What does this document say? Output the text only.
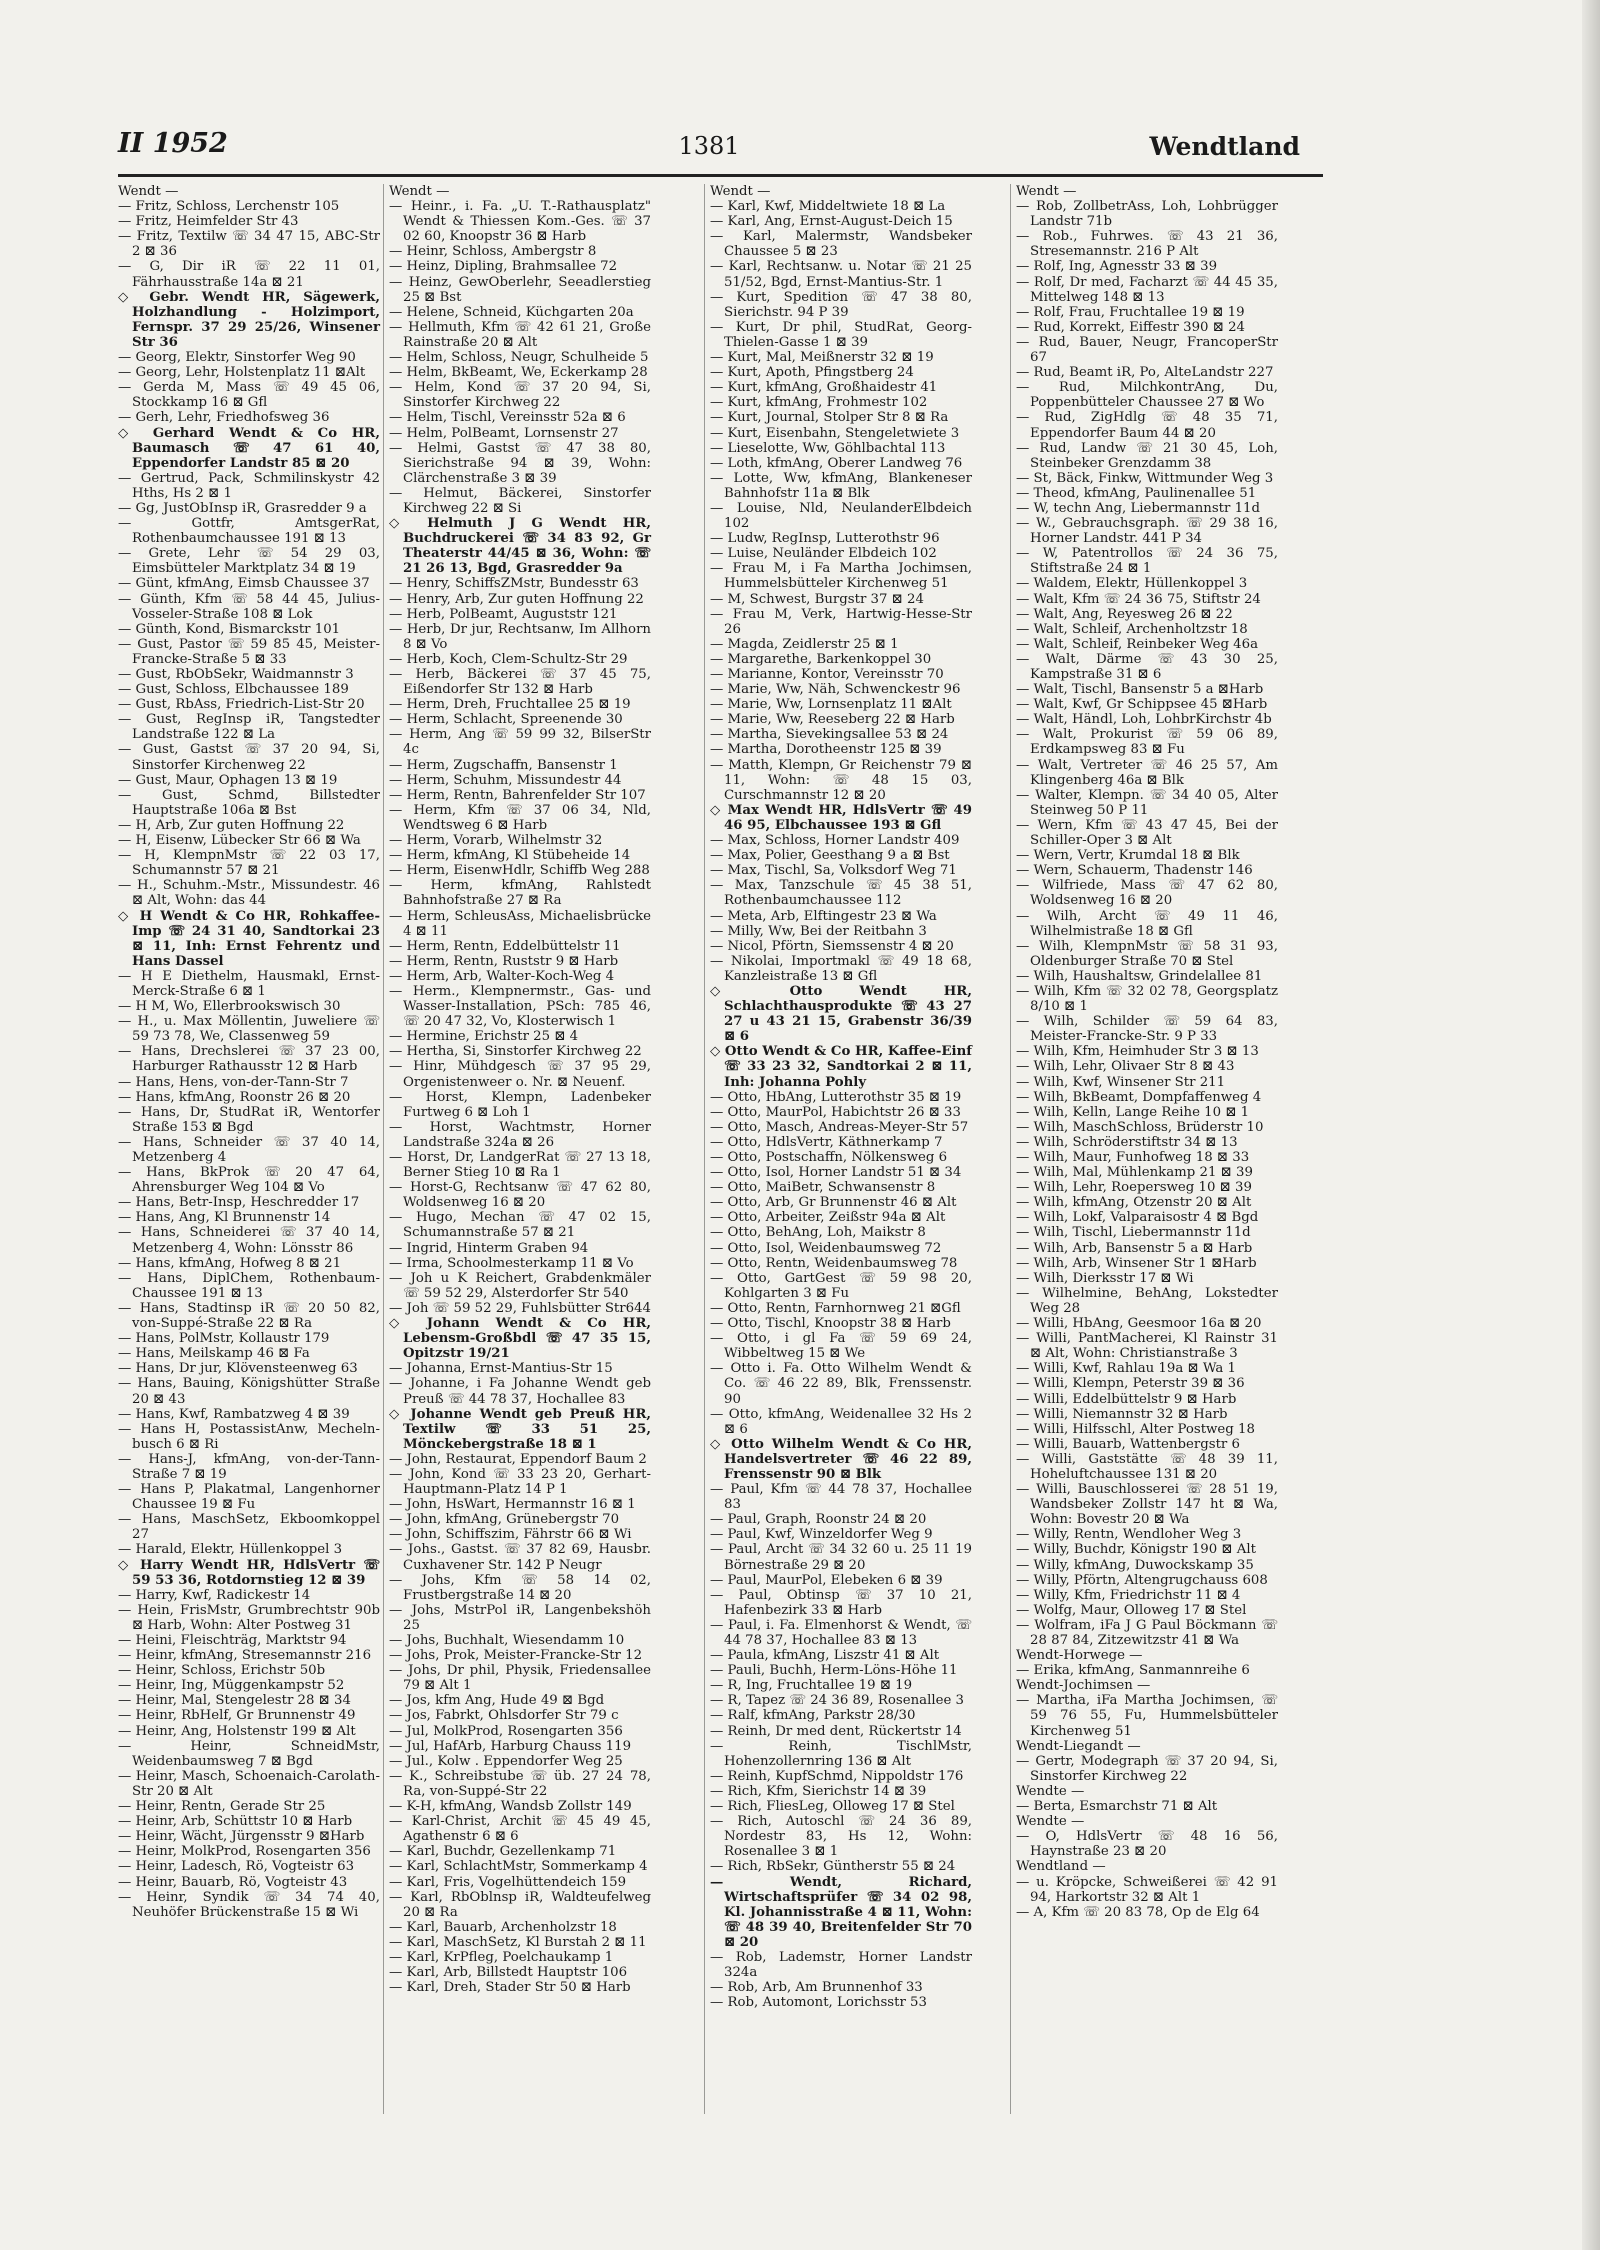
II 1952	1381	Wendtland

Wendt —

— Fritz, Schloss, Lerchenstr 105

— Fritz, Heimfelder Str 43

— Fritz, Textilw ☏ 34 47 15, ABC-Str 2 ⊠ 36

— G, Dir iR ☏ 22 11 01, Fährhausstraße 14a ⊠ 21

◇ Gebr. Wendt HR, Sägewerk, Holzhandlung - Holzimport, Fernspr. 37 29 25/26, Winsener Str 36

— Georg, Elektr, Sinstorfer Weg 90

— Georg, Lehr, Holstenplatz 11 ⊠Alt

— Gerda M, Mass ☏ 49 45 06, Stockkamp 16 ⊠ Gfl

— Gerh, Lehr, Friedhofsweg 36

◇ Gerhard Wendt & Co HR, Baumasch ☏ 47 61 40, Eppendorfer Landstr 85 ⊠ 20

— Gertrud, Pack, Schmilinskystr 42 Hths, Hs 2 ⊠ 1

— Gg, JustObInsp iR, Grasredder 9 a

— Gottfr, AmtsgerRat, Rothenbaumchaussee 191 ⊠ 13

— Grete, Lehr ☏ 54 29 03, Eimsbütteler Marktplatz 34 ⊠ 19

— Günt, kfmAng, Eimsb Chaussee 37

— Günth, Kfm ☏ 58 44 45, Julius-Vosseler-Straße 108 ⊠ Lok

— Günth, Kond, Bismarckstr 101

— Gust, Pastor ☏ 59 85 45, Meister-Francke-Straße 5 ⊠ 33

— Gust, RbObSekr, Waidmannstr 3

— Gust, Schloss, Elbchaussee 189

— Gust, RbAss, Friedrich-List-Str 20

— Gust, RegInsp iR, Tangstedter Landstraße 122 ⊠ La

— Gust, Gastst ☏ 37 20 94, Si, Sinstorfer Kirchenweg 22

— Gust, Maur, Ophagen 13 ⊠ 19

— Gust, Schmd, Billstedter Hauptstraße 106a ⊠ Bst

— H, Arb, Zur guten Hoffnung 22

— H, Eisenw, Lübecker Str 66 ⊠ Wa

— H, KlempnMstr ☏ 22 03 17, Schumannstr 57 ⊠ 21

— H., Schuhm.-Mstr., Missundestr. 46 ⊠ Alt, Wohn: das 44

◇ H Wendt & Co HR, Rohkaffee-Imp ☏ 24 31 40, Sandtorkai 23 ⊠ 11, Inh: Ernst Fehrentz und Hans Dassel

— H E Diethelm, Hausmakl, Ernst-Merck-Straße 6 ⊠ 1

— H M, Wo, Ellerbrookswisch 30

— H., u. Max Möllentin, Juweliere ☏ 59 73 78, We, Classenweg 59

— Hans, Drechslerei ☏ 37 23 00, Harburger Rathausstr 12 ⊠ Harb

— Hans, Hens, von-der-Tann-Str 7

— Hans, kfmAng, Roonstr 26 ⊠ 20

— Hans, Dr, StudRat iR, Wentorfer Straße 153 ⊠ Bgd

— Hans, Schneider ☏ 37 40 14, Metzenberg 4

— Hans, BkProk ☏ 20 47 64, Ahrensburger Weg 104 ⊠ Vo

— Hans, Betr-Insp, Heschredder 17

— Hans, Ang, Kl Brunnenstr 14

— Hans, Schneiderei ☏ 37 40 14, Metzenberg 4, Wohn: Lönsstr 86

— Hans, kfmAng, Hofweg 8 ⊠ 21

— Hans, DiplChem, Rothenbaum-Chaussee 191 ⊠ 13

— Hans, Stadtinsp iR ☏ 20 50 82, von-Suppé-Straße 22 ⊠ Ra

— Hans, PolMstr, Kollaustr 179

— Hans, Meilskamp 46 ⊠ Fa

— Hans, Dr jur, Klövensteenweg 63

— Hans, Bauing, Königshütter Straße 20 ⊠ 43

— Hans, Kwf, Rambatzweg 4 ⊠ 39

— Hans H, PostassistAnw, Mecheln-busch 6 ⊠ Ri

— Hans-J, kfmAng, von-der-Tann-Straße 7 ⊠ 19

— Hans P, Plakatmal, Langenhorner Chaussee 19 ⊠ Fu

— Hans, MaschSetz, Ekboomkoppel 27

— Harald, Elektr, Hüllenkoppel 3

◇ Harry Wendt HR, HdlsVertr ☏ 59 53 36, Rotdornstieg 12 ⊠ 39

— Harry, Kwf, Radickestr 14

— Hein, FrisMstr, Grumbrechtstr 90b ⊠ Harb, Wohn: Alter Postweg 31

— Heini, Fleischträg, Marktstr 94

— Heinr, kfmAng, Stresemannstr 216

— Heinr, Schloss, Erichstr 50b

— Heinr, Ing, Müggenkampstr 52

— Heinr, Mal, Stengelestr 28 ⊠ 34

— Heinr, RbHelf, Gr Brunnenstr 49

— Heinr, Ang, Holstenstr 199 ⊠ Alt

— Heinr, SchneidMstr, Weidenbaumsweg 7 ⊠ Bgd

— Heinr, Masch, Schoenaich-Carolath-Str 20 ⊠ Alt

— Heinr, Rentn, Gerade Str 25

— Heinr, Arb, Schüttstr 10 ⊠ Harb

— Heinr, Wächt, Jürgensstr 9 ⊠Harb

— Heinr, MolkProd, Rosengarten 356

— Heinr, Ladesch, Rö, Vogteistr 63

— Heinr, Bauarb, Rö, Vogteistr 43

— Heinr, Syndik ☏ 34 74 40, Neuhöfer Brückenstraße 15 ⊠ Wi

Wendt —

— Heinr., i. Fa. „U. T.-Rathausplatz" Wendt & Thiessen Kom.-Ges. ☏ 37 02 60, Knoopstr 36 ⊠ Harb

— Heinr, Schloss, Ambergstr 8

— Heinz, Dipling, Brahmsallee 72

— Heinz, GewOberlehr, Seeadlerstieg 25 ⊠ Bst

— Helene, Schneid, Küchgarten 20a

— Hellmuth, Kfm ☏ 42 61 21, Große Rainstraße 20 ⊠ Alt

— Helm, Schloss, Neugr, Schulheide 5

— Helm, BkBeamt, We, Eckerkamp 28

— Helm, Kond ☏ 37 20 94, Si, Sinstorfer Kirchweg 22

— Helm, Tischl, Vereinsstr 52a ⊠ 6

— Helm, PolBeamt, Lornsenstr 27

— Helmi, Gastst ☏ 47 38 80, Sierichstraße 94 ⊠ 39, Wohn: Clärchenstraße 3 ⊠ 39

— Helmut, Bäckerei, Sinstorfer Kirchweg 22 ⊠ Si

◇ Helmuth J G Wendt HR, Buchdruckerei ☏ 34 83 92, Gr Theaterstr 44/45 ⊠ 36, Wohn: ☏ 21 26 13, Bgd, Grasredder 9a

— Henry, SchiffsZMstr, Bundesstr 63

— Henry, Arb, Zur guten Hoffnung 22

— Herb, PolBeamt, Auguststr 121

— Herb, Dr jur, Rechtsanw, Im Allhorn 8 ⊠ Vo

— Herb, Koch, Clem-Schultz-Str 29

— Herb, Bäckerei ☏ 37 45 75, Eißendorfer Str 132 ⊠ Harb

— Herm, Dreh, Fruchtallee 25 ⊠ 19

— Herm, Schlacht, Spreenende 30

— Herm, Ang ☏ 59 99 32, BilserStr 4c

— Herm, Zugschaffn, Bansenstr 1

— Herm, Schuhm, Missundestr 44

— Herm, Rentn, Bahrenfelder Str 107

— Herm, Kfm ☏ 37 06 34, Nld, Wendtsweg 6 ⊠ Harb

— Herm, Vorarb, Wilhelmstr 32

— Herm, kfmAng, Kl Stübeheide 14

— Herm, EisenwHdlr, Schiffb Weg 288

— Herm, kfmAng, Rahlstedt Bahnhofstraße 27 ⊠ Ra

— Herm, SchleusAss, Michaelisbrücke 4 ⊠ 11

— Herm, Rentn, Eddelbüttelstr 11

— Herm, Rentn, Ruststr 9 ⊠ Harb

— Herm, Arb, Walter-Koch-Weg 4

— Herm., Klempnermstr., Gas- und Wasser-Installation, PSch: 785 46, ☏ 20 47 32, Vo, Klosterwisch 1

— Hermine, Erichstr 25 ⊠ 4

— Hertha, Si, Sinstorfer Kirchweg 22

— Hinr, Mühdgesch ☏ 37 95 29, Orgenistenweer o. Nr. ⊠ Neuenf.

— Horst, Klempn, Ladenbeker Furtweg 6 ⊠ Loh 1

— Horst, Wachtmstr, Horner Landstraße 324a ⊠ 26

— Horst, Dr, LandgerRat ☏ 27 13 18, Berner Stieg 10 ⊠ Ra 1

— Horst-G, Rechtsanw ☏ 47 62 80, Woldsenweg 16 ⊠ 20

— Hugo, Mechan ☏ 47 02 15, Schumannstraße 57 ⊠ 21

— Ingrid, Hinterm Graben 94

— Irma, Schoolmesterkamp 11 ⊠ Vo

— Joh u K Reichert, Grabdenkmäler ☏ 59 52 29, Alsterdorfer Str 540

— Joh ☏ 59 52 29, Fuhlsbütter Str644

◇ Johann Wendt & Co HR, Lebensm-Großbdl ☏ 47 35 15, Opitzstr 19/21

— Johanna, Ernst-Mantius-Str 15

— Johanne, i Fa Johanne Wendt geb Preuß ☏ 44 78 37, Hochallee 83

◇ Johanne Wendt geb Preuß HR, Textilw ☏ 33 51 25, Mönckebergstraße 18 ⊠ 1

— John, Restaurat, Eppendorf Baum 2

— John, Kond ☏ 33 23 20, Gerhart-Hauptmann-Platz 14 P 1

— John, HsWart, Hermannstr 16 ⊠ 1

— John, kfmAng, Grünebergstr 70

— John, Schiffszim, Fährstr 66 ⊠ Wi

— Johs., Gastst. ☏ 37 82 69, Hausbr. Cuxhavener Str. 142 P Neugr

— Johs, Kfm ☏ 58 14 02, Frustbergstraße 14 ⊠ 20

— Johs, MstrPol iR, Langenbekshöh 25

— Johs, Buchhalt, Wiesendamm 10

— Johs, Prok, Meister-Francke-Str 12

— Johs, Dr phil, Physik, Friedensallee 79 ⊠ Alt 1

— Jos, kfm Ang, Hude 49 ⊠ Bgd

— Jos, Fabrkt, Ohlsdorfer Str 79 c

— Jul, MolkProd, Rosengarten 356

— Jul, HafArb, Harburg Chauss 119

— Jul., Kolw . Eppendorfer Weg 25

— K., Schreibstube ☏ üb. 27 24 78, Ra, von-Suppé-Str 22

— K-H, kfmAng, Wandsb Zollstr 149

— Karl-Christ, Archit ☏ 45 49 45, Agathenstr 6 ⊠ 6

— Karl, Buchdr, Gezellenkamp 71

— Karl, SchlachtMstr, Sommerkamp 4

— Karl, Fris, Vogelhüttendeich 159

— Karl, RbOblnsp iR, Waldteufelweg 20 ⊠ Ra

— Karl, Bauarb, Archenholzstr 18

— Karl, MaschSetz, Kl Burstah 2 ⊠ 11

— Karl, KrPfleg, Poelchaukamp 1

— Karl, Arb, Billstedt Hauptstr 106

— Karl, Dreh, Stader Str 50 ⊠ Harb

Wendt —

— Karl, Kwf, Middeltwiete 18 ⊠ La

— Karl, Ang, Ernst-August-Deich 15

— Karl, Malermstr, Wandsbeker Chaussee 5 ⊠ 23

— Karl, Rechtsanw. u. Notar ☏ 21 25 51/52, Bgd, Ernst-Mantius-Str. 1

— Kurt, Spedition ☏ 47 38 80, Sierichstr. 94 P 39

— Kurt, Dr phil, StudRat, Georg-Thielen-Gasse 1 ⊠ 39

— Kurt, Mal, Meißnerstr 32 ⊠ 19

— Kurt, Apoth, Pfingstberg 24

— Kurt, kfmAng, Großhaidestr 41

— Kurt, kfmAng, Frohmestr 102

— Kurt, Journal, Stolper Str 8 ⊠ Ra

— Kurt, Eisenbahn, Stengeletwiete 3

— Lieselotte, Ww, Göhlbachtal 113

— Loth, kfmAng, Oberer Landweg 76

— Lotte, Ww, kfmAng, Blankeneser Bahnhofstr 11a ⊠ Blk

— Louise, Nld, NeulanderElbdeich 102

— Ludw, RegInsp, Lutterothstr 96

— Luise, Neuländer Elbdeich 102

— Frau M, i Fa Martha Jochimsen, Hummelsbütteler Kirchenweg 51

— M, Schwest, Burgstr 37 ⊠ 24

— Frau M, Verk, Hartwig-Hesse-Str 26

— Magda, Zeidlerstr 25 ⊠ 1

— Margarethe, Barkenkoppel 30

— Marianne, Kontor, Vereinsstr 70

— Marie, Ww, Näh, Schwenckestr 96

— Marie, Ww, Lornsenplatz 11 ⊠Alt

— Marie, Ww, Reeseberg 22 ⊠ Harb

— Martha, Sievekingsallee 53 ⊠ 24

— Martha, Dorotheenstr 125 ⊠ 39

— Matth, Klempn, Gr Reichenstr 79 ⊠ 11, Wohn: ☏ 48 15 03, Curschmannstr 12 ⊠ 20

◇ Max Wendt HR, HdlsVertr ☏ 49 46 95, Elbchaussee 193 ⊠ Gfl

— Max, Schloss, Horner Landstr 409

— Max, Polier, Geesthang 9 a ⊠ Bst

— Max, Tischl, Sa, Volksdorf Weg 71

— Max, Tanzschule ☏ 45 38 51, Rothenbaumchaussee 112

— Meta, Arb, Elftingestr 23 ⊠ Wa

— Milly, Ww, Bei der Reitbahn 3

— Nicol, Pförtn, Siemssenstr 4 ⊠ 20

— Nikolai, Importmakl ☏ 49 18 68, Kanzleistraße 13 ⊠ Gfl

◇ Otto Wendt HR, Schlachthausprodukte ☏ 43 27 27 u 43 21 15, Grabenstr 36/39 ⊠ 6

◇ Otto Wendt & Co HR, Kaffee-Einf ☏ 33 23 32, Sandtorkai 2 ⊠ 11, Inh: Johanna Pohly

— Otto, HbAng, Lutterothstr 35 ⊠ 19

— Otto, MaurPol, Habichtstr 26 ⊠ 33

— Otto, Masch, Andreas-Meyer-Str 57

— Otto, HdlsVertr, Käthnerkamp 7

— Otto, Postschaffn, Nölkensweg 6

— Otto, Isol, Horner Landstr 51 ⊠ 34

— Otto, MaiBetr, Schwansenstr 8

— Otto, Arb, Gr Brunnenstr 46 ⊠ Alt

— Otto, Arbeiter, Zeißstr 94a ⊠ Alt

— Otto, BehAng, Loh, Maikstr 8

— Otto, Isol, Weidenbaumsweg 72

— Otto, Rentn, Weidenbaumsweg 78

— Otto, GartGest ☏ 59 98 20, Kohlgarten 3 ⊠ Fu

— Otto, Rentn, Farnhornweg 21 ⊠Gfl

— Otto, Tischl, Knoopstr 38 ⊠ Harb

— Otto, i gl Fa ☏ 59 69 24, Wibbeltweg 15 ⊠ We

— Otto i. Fa. Otto Wilhelm Wendt & Co. ☏ 46 22 89, Blk, Frenssenstr. 90

— Otto, kfmAng, Weidenallee 32 Hs 2 ⊠ 6

◇ Otto Wilhelm Wendt & Co HR, Handelsvertreter ☏ 46 22 89, Frenssenstr 90 ⊠ Blk

— Paul, Kfm ☏ 44 78 37, Hochallee 83

— Paul, Graph, Roonstr 24 ⊠ 20

— Paul, Kwf, Winzeldorfer Weg 9

— Paul, Archt ☏ 34 32 60 u. 25 11 19 Börnestraße 29 ⊠ 20

— Paul, MaurPol, Elebeken 6 ⊠ 39

— Paul, Obtinsp ☏ 37 10 21, Hafenbezirk 33 ⊠ Harb

— Paul, i. Fa. Elmenhorst & Wendt, ☏ 44 78 37, Hochallee 83 ⊠ 13

— Paula, kfmAng, Liszstr 41 ⊠ Alt

— Pauli, Buchh, Herm-Löns-Höhe 11

— R, Ing, Fruchtallee 19 ⊠ 19

— R, Tapez ☏ 24 36 89, Rosenallee 3

— Ralf, kfmAng, Parkstr 28/30

— Reinh, Dr med dent, Rückertstr 14

— Reinh, TischlMstr, Hohenzollernring 136 ⊠ Alt

— Reinh, KupfSchmd, Nippoldstr 176

— Rich, Kfm, Sierichstr 14 ⊠ 39

— Rich, FliesLeg, Olloweg 17 ⊠ Stel

— Rich, Autoschl ☏ 24 36 89, Nordestr 83, Hs 12, Wohn: Rosenallee 3 ⊠ 1

— Rich, RbSekr, Güntherstr 55 ⊠ 24

— Wendt, Richard, Wirtschaftsprüfer ☏ 34 02 98, Kl. Johannisstraße 4 ⊠ 11, Wohn: ☏ 48 39 40, Breitenfelder Str 70 ⊠ 20

— Rob, Lademstr, Horner Landstr 324a

— Rob, Arb, Am Brunnenhof 33

— Rob, Automont, Lorichsstr 53

Wendt —

— Rob, ZollbetrAss, Loh, Lohbrügger Landstr 71b

— Rob., Fuhrwes. ☏ 43 21 36, Stresemannstr. 216 P Alt

— Rolf, Ing, Agnesstr 33 ⊠ 39

— Rolf, Dr med, Facharzt ☏ 44 45 35, Mittelweg 148 ⊠ 13

— Rolf, Frau, Fruchtallee 19 ⊠ 19

— Rud, Korrekt, Eiffestr 390 ⊠ 24

— Rud, Bauer, Neugr, FrancoperStr 67

— Rud, Beamt iR, Po, AlteLandstr 227

— Rud, MilchkontrAng, Du, Poppenbütteler Chaussee 27 ⊠ Wo

— Rud, ZigHdlg ☏ 48 35 71, Eppendorfer Baum 44 ⊠ 20

— Rud, Landw ☏ 21 30 45, Loh, Steinbeker Grenzdamm 38

— St, Bäck, Finkw, Wittmunder Weg 3

— Theod, kfmAng, Paulinenallee 51

— W, techn Ang, Liebermannstr 11d

— W., Gebrauchsgraph. ☏ 29 38 16, Horner Landstr. 441 P 34

— W, Patentrollos ☏ 24 36 75, Stiftstraße 24 ⊠ 1

— Waldem, Elektr, Hüllenkoppel 3

— Walt, Kfm ☏ 24 36 75, Stiftstr 24

— Walt, Ang, Reyesweg 26 ⊠ 22

— Walt, Schleif, Archenholtzstr 18

— Walt, Schleif, Reinbeker Weg 46a

— Walt, Därme ☏ 43 30 25, Kampstraße 31 ⊠ 6

— Walt, Tischl, Bansenstr 5 a ⊠Harb

— Walt, Kwf, Gr Schippsee 45 ⊠Harb

— Walt, Händl, Loh, LohbrKirchstr 4b

— Walt, Prokurist ☏ 59 06 89, Erdkampsweg 83 ⊠ Fu

— Walt, Vertreter ☏ 46 25 57, Am Klingenberg 46a ⊠ Blk

— Walter, Klempn. ☏ 34 40 05, Alter Steinweg 50 P 11

— Wern, Kfm ☏ 43 47 45, Bei der Schiller-Oper 3 ⊠ Alt

— Wern, Vertr, Krumdal 18 ⊠ Blk

— Wern, Schauerm, Thadenstr 146

— Wilfriede, Mass ☏ 47 62 80, Woldsenweg 16 ⊠ 20

— Wilh, Archt ☏ 49 11 46, Wilhelmistraße 18 ⊠ Gfl

— Wilh, KlempnMstr ☏ 58 31 93, Oldenburger Straße 70 ⊠ Stel

— Wilh, Haushaltsw, Grindelallee 81

— Wilh, Kfm ☏ 32 02 78, Georgsplatz 8/10 ⊠ 1

— Wilh, Schilder ☏ 59 64 83, Meister-Francke-Str. 9 P 33

— Wilh, Kfm, Heimhuder Str 3 ⊠ 13

— Wilh, Lehr, Olivaer Str 8 ⊠ 43

— Wilh, Kwf, Winsener Str 211

— Wilh, BkBeamt, Dompfaffenweg 4

— Wilh, Kelln, Lange Reihe 10 ⊠ 1

— Wilh, MaschSchloss, Brüderstr 10

— Wilh, Schröderstiftstr 34 ⊠ 13

— Wilh, Maur, Funhofweg 18 ⊠ 33

— Wilh, Mal, Mühlenkamp 21 ⊠ 39

— Wilh, Lehr, Roepersweg 10 ⊠ 39

— Wilh, kfmAng, Otzenstr 20 ⊠ Alt

— Wilh, Lokf, Valparaisostr 4 ⊠ Bgd

— Wilh, Tischl, Liebermannstr 11d

— Wilh, Arb, Bansenstr 5 a ⊠ Harb

— Wilh, Arb, Winsener Str 1 ⊠Harb

— Wilh, Dierksstr 17 ⊠ Wi

— Wilhelmine, BehAng, Lokstedter Weg 28

— Willi, HbAng, Geesmoor 16a ⊠ 20

— Willi, PantMacherei, Kl Rainstr 31 ⊠ Alt, Wohn: Christianstraße 3

— Willi, Kwf, Rahlau 19a ⊠ Wa 1

— Willi, Klempn, Peterstr 39 ⊠ 36

— Willi, Eddelbüttelstr 9 ⊠ Harb

— Willi, Niemannstr 32 ⊠ Harb

— Willi, Hilfsschl, Alter Postweg 18

— Willi, Bauarb, Wattenbergstr 6

— Willi, Gaststätte ☏ 48 39 11, Hoheluftchaussee 131 ⊠ 20

— Willi, Bauschlosserei ☏ 28 51 19, Wandsbeker Zollstr 147 ht ⊠ Wa, Wohn: Bovestr 20 ⊠ Wa

— Willy, Rentn, Wendloher Weg 3

— Willy, Buchdr, Königstr 190 ⊠ Alt

— Willy, kfmAng, Duwockskamp 35

— Willy, Pförtn, Altengrugchauss 608

— Willy, Kfm, Friedrichstr 11 ⊠ 4

— Wolfg, Maur, Olloweg 17 ⊠ Stel

— Wolfram, iFa J G Paul Böckmann ☏ 28 87 84, Zitzewitzstr 41 ⊠ Wa

Wendt-Horwege —

— Erika, kfmAng, Sanmannreihe 6

Wendt-Jochimsen —

— Martha, iFa Martha Jochimsen, ☏ 59 76 55, Fu, Hummelsbütteler Kirchenweg 51

Wendt-Liegandt —

— Gertr, Modegraph ☏ 37 20 94, Si, Sinstorfer Kirchweg 22

Wendte —

— Berta, Esmarchstr 71 ⊠ Alt

Wendte —

— O, HdlsVertr ☏ 48 16 56, Haynstraße 23 ⊠ 20

Wendtland —

— u. Kröpcke, Schweißerei ☏ 42 91 94, Harkortstr 32 ⊠ Alt 1

— A, Kfm ☏ 20 83 78, Op de Elg 64
